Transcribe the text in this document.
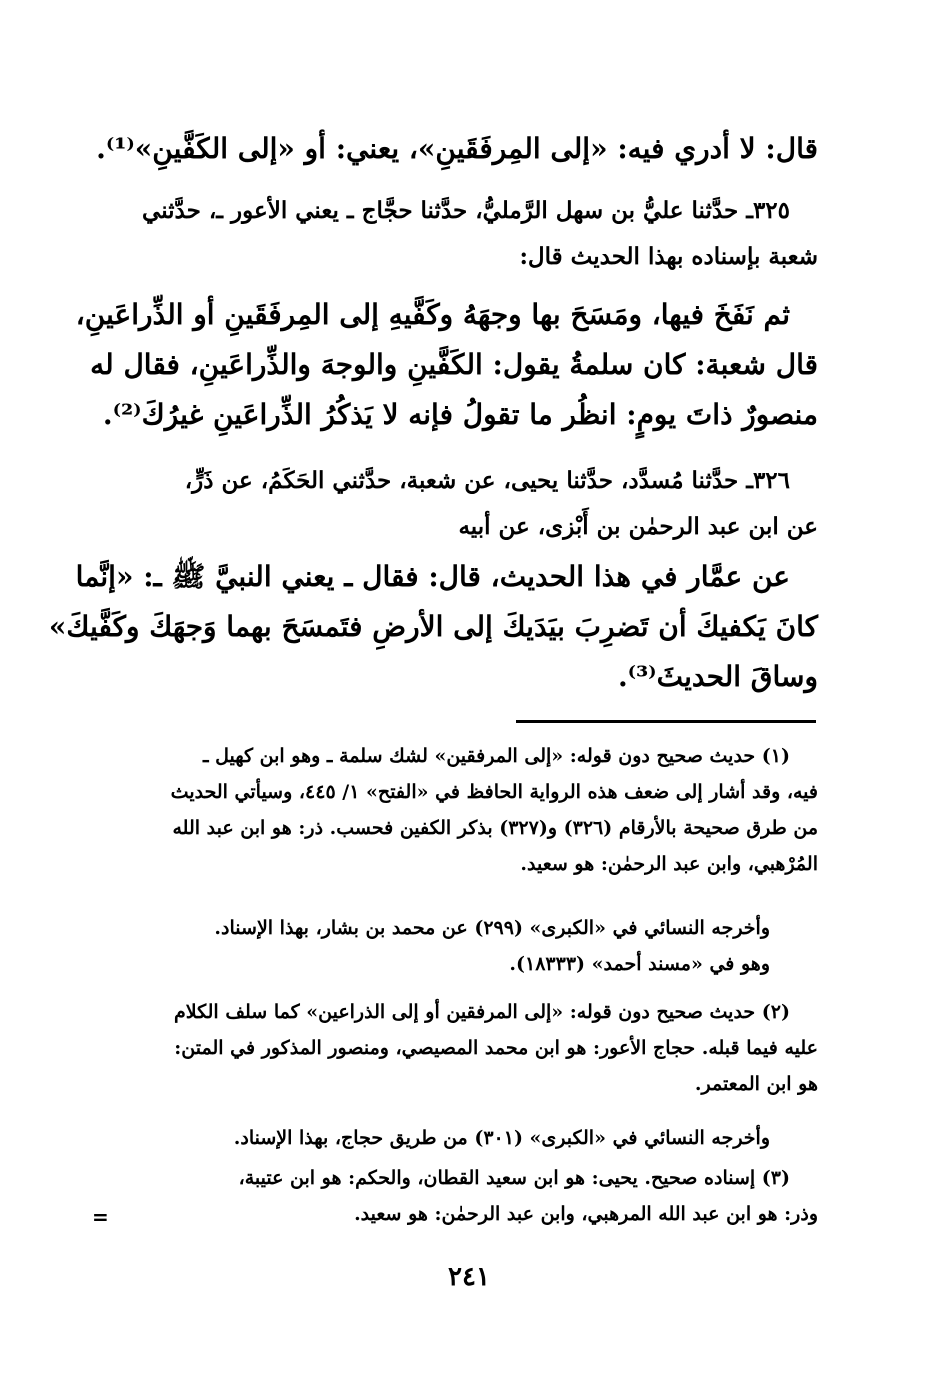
قال: لا أدري فيه: «إلى المِرفَقَينِ»، يعني: أو «إلى الكَفَّينِ»⁽¹⁾.
٣٢٥ـ حدَّثنا عليُّ بن سهل الرَّمليُّ، حدَّثنا حجَّاج ـ يعني الأعور ـ، حدَّثني
شعبة بإسناده بهذا الحديث قال:
ثم نَفَخَ فيها، ومَسَحَ بها وجهَهُ وكَفَّيهِ إلى المِرفَقَينِ أو الذِّراعَينِ،
قال شعبة: كان سلمةُ يقول: الكَفَّينِ والوجهَ والذِّراعَينِ، فقال له
منصورٌ ذاتَ يومٍ: انظُر ما تقولُ فإنه لا يَذكُرُ الذِّراعَينِ غيرُكَ⁽²⁾.
٣٢٦ـ حدَّثنا مُسدَّد، حدَّثنا يحيى، عن شعبة، حدَّثني الحَكَمُ، عن ذَرٍّ،
عن ابن عبد الرحمٰن بن أَبْزى، عن أبيه
عن عمَّار في هذا الحديث، قال: فقال ـ يعني النبيَّ ﷺ ـ: «إنَّما
كانَ يَكفيكَ أن تَضرِبَ بيَدَيكَ إلى الأرضِ فتَمسَحَ بهما وَجهَكَ وكَفَّيكَ»
وساقَ الحديثَ⁽³⁾.
(١) حديث صحيح دون قوله: «إلى المرفقين» لشك سلمة ـ وهو ابن كهيل ـ
فيه، وقد أشار إلى ضعف هذه الرواية الحافظ في «الفتح» ١/ ٤٤٥، وسيأتي الحديث
من طرق صحيحة بالأرقام (٣٢٦) و(٣٢٧) بذكر الكفين فحسب. ذر: هو ابن عبد الله
المُرْهبي، وابن عبد الرحمٰن: هو سعيد.
وأخرجه النسائي في «الكبرى» (٢٩٩) عن محمد بن بشار، بهذا الإسناد.
وهو في «مسند أحمد» (١٨٣٣٣).
(٢) حديث صحيح دون قوله: «إلى المرفقين أو إلى الذراعين» كما سلف الكلام
عليه فيما قبله. حجاج الأعور: هو ابن محمد المصيصي، ومنصور المذكور في المتن:
هو ابن المعتمر.
وأخرجه النسائي في «الكبرى» (٣٠١) من طريق حجاج، بهذا الإسناد.
(٣) إسناده صحيح. يحيى: هو ابن سعيد القطان، والحكم: هو ابن عتيبة،
وذر: هو ابن عبد الله المرهبي، وابن عبد الرحمٰن: هو سعيد.
=
٢٤١
